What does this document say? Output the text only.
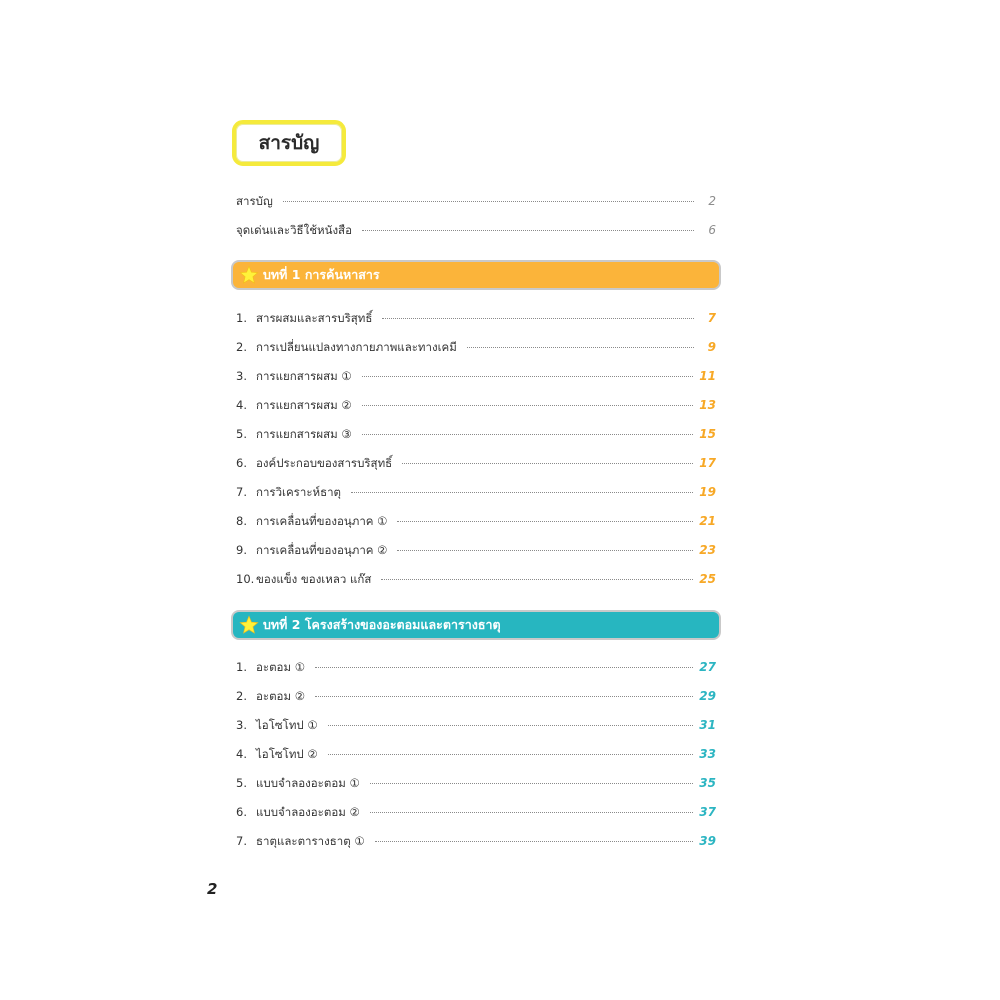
สารบัญ
สารบัญ	2
จุดเด่นและวิธีใช้หนังสือ	6
บทที่ 1 การค้นหาสาร
1. สารผสมและสารบริสุทธิ์	7
2. การเปลี่ยนแปลงทางกายภาพและทางเคมี	9
3. การแยกสารผสม ①	11
4. การแยกสารผสม ②	13
5. การแยกสารผสม ③	15
6. องค์ประกอบของสารบริสุทธิ์	17
7. การวิเคราะห์ธาตุ	19
8. การเคลื่อนที่ของอนุภาค ①	21
9. การเคลื่อนที่ของอนุภาค ②	23
10. ของแข็ง ของเหลว แก๊ส	25
บทที่ 2 โครงสร้างของอะตอมและตารางธาตุ
1. อะตอม ①	27
2. อะตอม ②	29
3. ไอโซโทป ①	31
4. ไอโซโทป ②	33
5. แบบจำลองอะตอม ①	35
6. แบบจำลองอะตอม ②	37
7. ธาตุและตารางธาตุ ①	39
2
